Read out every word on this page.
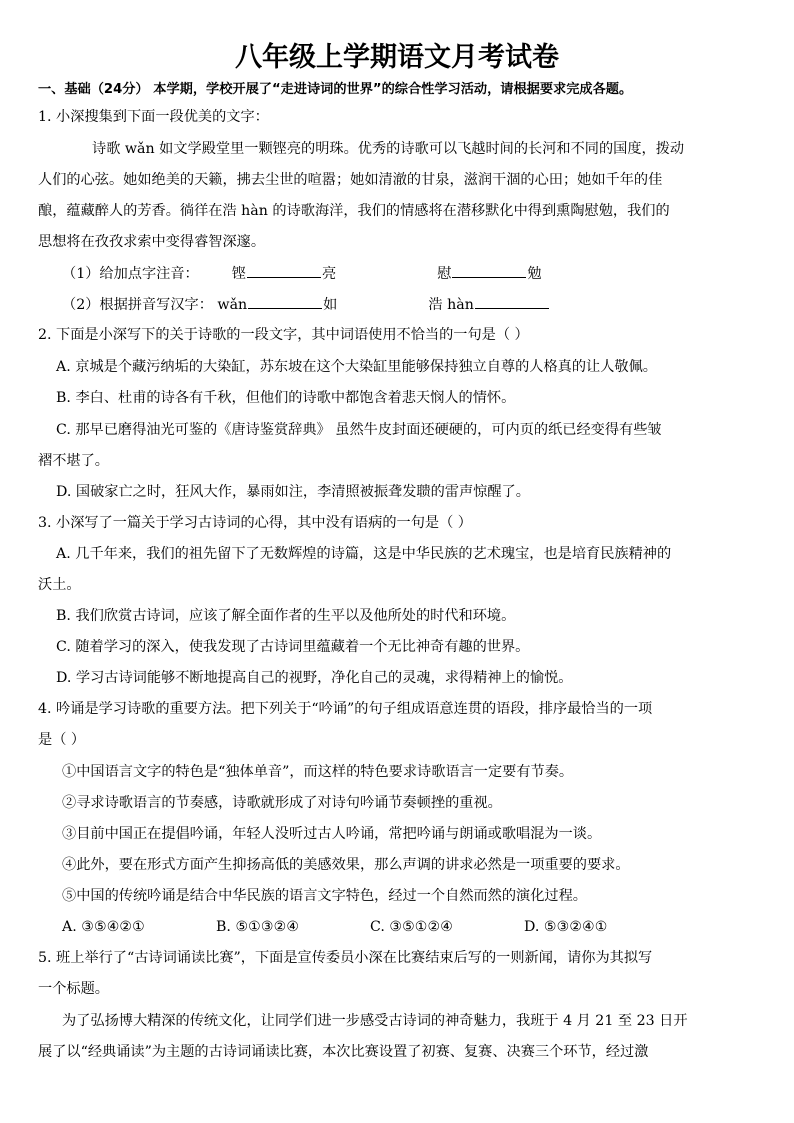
八年级上学期语文月考试卷
一、基础（24分） 本学期，学校开展了“走进诗词的世界”的综合性学习活动，请根据要求完成各题。
1. 小深搜集到下面一段优美的文字：
诗歌 wǎn 如文学殿堂里一颗铿亮的明珠。优秀的诗歌可以飞越时间的长河和不同的国度，拨动
人们的心弦。她如绝美的天籁，拂去尘世的喧嚣；她如清澈的甘泉，滋润干涸的心田；她如千年的佳
酿，蕴藏醉人的芳香。徜徉在浩 hàn 的诗歌海洋，我们的情感将在潜移默化中得到熏陶慰勉，我们的
思想将在孜孜求索中变得睿智深邃。
（1）给加点字注音： 铿	亮	慰	勉
（2）根据拼音写汉字： wǎn	如	浩 hàn
2. 下面是小深写下的关于诗歌的一段文字，其中词语使用不恰当的一句是（ ）
A. 京城是个藏污纳垢的大染缸，苏东坡在这个大染缸里能够保持独立自尊的人格真的让人敬佩。
B. 李白、杜甫的诗各有千秋，但他们的诗歌中都饱含着悲天悯人的情怀。
C. 那早已磨得油光可鉴的《唐诗鉴赏辞典》 虽然牛皮封面还硬硬的，可内页的纸已经变得有些皱
褶不堪了。
D. 国破家亡之时，狂风大作，暴雨如注，李清照被振聋发聩的雷声惊醒了。
3. 小深写了一篇关于学习古诗词的心得，其中没有语病的一句是（ ）
A. 几千年来，我们的祖先留下了无数辉煌的诗篇，这是中华民族的艺术瑰宝，也是培育民族精神的
沃土。
B. 我们欣赏古诗词，应该了解全面作者的生平以及他所处的时代和环境。
C. 随着学习的深入，使我发现了古诗词里蕴藏着一个无比神奇有趣的世界。
D. 学习古诗词能够不断地提高自己的视野，净化自己的灵魂，求得精神上的愉悦。
4. 吟诵是学习诗歌的重要方法。把下列关于“吟诵”的句子组成语意连贯的语段，排序最恰当的一项
是（ ）
①中国语言文字的特色是“独体单音”，而这样的特色要求诗歌语言一定要有节奏。
②寻求诗歌语言的节奏感，诗歌就形成了对诗句吟诵节奏顿挫的重视。
③目前中国正在提倡吟诵，年轻人没听过古人吟诵，常把吟诵与朗诵或歌唱混为一谈。
④此外，要在形式方面产生抑扬高低的美感效果，那么声调的讲求必然是一项重要的要求。
⑤中国的传统吟诵是结合中华民族的语言文字特色，经过一个自然而然的演化过程。
A. ③⑤④②①	B. ⑤①③②④	C. ③⑤①②④	D. ⑤③②④①
5. 班上举行了“古诗词诵读比赛”，下面是宣传委员小深在比赛结束后写的一则新闻，请你为其拟写
一个标题。
为了弘扬博大精深的传统文化，让同学们进一步感受古诗词的神奇魅力，我班于 4 月 21 至 23 日开
展了以“经典诵读”为主题的古诗词诵读比赛，本次比赛设置了初赛、复赛、决赛三个环节，经过激
